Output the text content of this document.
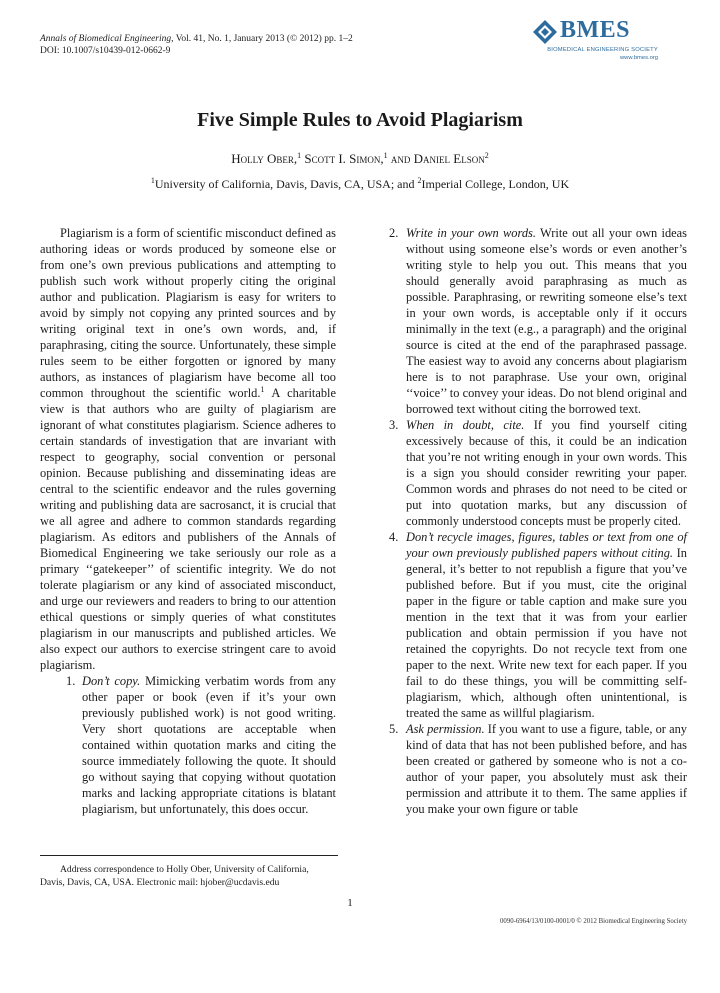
Annals of Biomedical Engineering, Vol. 41, No. 1, January 2013 (© 2012) pp. 1–2
DOI: 10.1007/s10439-012-0662-9
BMES
BIOMEDICAL ENGINEERING SOCIETY
www.bmes.org
Five Simple Rules to Avoid Plagiarism
Holly Ober,$^1$ Scott I. Simon,$^1$ and Daniel Elson$^2$
$^1$University of California, Davis, Davis, CA, USA; and $^2$Imperial College, London, UK

Plagiarism is a form of scientific misconduct defined as authoring ideas or words produced by someone else or from one’s own previous publications and attempting to publish such work without properly citing the original author and publication. Plagiarism is easy for writers to avoid by simply not copying any printed sources and by writing original text in one’s own words, and, if paraphrasing, citing the source. Unfortunately, these simple rules seem to be either forgotten or ignored by many authors, as instances of plagiarism have become all too common throughout the scientific world.$^1$ A charitable view is that authors who are guilty of plagiarism are ignorant of what constitutes plagiarism. Science adheres to certain standards of investigation that are invariant with respect to geography, social convention or personal opinion. Because publishing and disseminating ideas are central to the scientific endeavor and the rules governing writing and publishing data are sacrosanct, it is crucial that we all agree and adhere to common standards regarding plagiarism. As editors and publishers of the Annals of Biomedical Engineering we take seriously our role as a primary ‘‘gatekeeper’’ of scientific integrity. We do not tolerate plagiarism or any kind of associated misconduct, and urge our reviewers and readers to bring to our attention ethical questions or simply queries of what constitutes plagiarism in our manuscripts and published articles. We also expect our authors to exercise stringent care to avoid plagiarism.

1. Don’t copy. Mimicking verbatim words from any other paper or book (even if it’s your own previously published work) is not good writing. Very short quotations are acceptable when contained within quotation marks and citing the source immediately following the quote. It should go without saying that copying without quotation marks and lacking appropriate citations is blatant plagiarism, but unfortunately, this does occur.
2. Write in your own words. Write out all your own ideas without using someone else’s words or even another’s writing style to help you out. This means that you should generally avoid paraphrasing as much as possible. Paraphrasing, or rewriting someone else’s text in your own words, is acceptable only if it occurs minimally in the text (e.g., a paragraph) and the original source is cited at the end of the paraphrased passage. The easiest way to avoid any concerns about plagiarism here is to not paraphrase. Use your own, original ‘‘voice’’ to convey your ideas. Do not blend original and borrowed text without citing the borrowed text.
3. When in doubt, cite. If you find yourself citing excessively because of this, it could be an indication that you’re not writing enough in your own words. This is a sign you should consider rewriting your paper. Common words and phrases do not need to be cited or put into quotation marks, but any discussion of commonly understood concepts must be properly cited.
4. Don’t recycle images, figures, tables or text from one of your own previously published papers without citing. In general, it’s better to not republish a figure that you’ve published before. But if you must, cite the original paper in the figure or table caption and make sure you mention in the text that it was from your earlier publication and obtain permission if you have not retained the copyrights. Do not recycle text from one paper to the next. Write new text for each paper. If you fail to do these things, you will be committing self-plagiarism, which, although often unintentional, is treated the same as willful plagiarism.
5. Ask permission. If you want to use a figure, table, or any kind of data that has not been published before, and has been created or gathered by someone who is not a co-author of your paper, you absolutely must ask their permission and attribute it to them. The same applies if you make your own figure or table
Address correspondence to Holly Ober, University of California,
Davis, Davis, CA, USA. Electronic mail: hjober@ucdavis.edu
1
0090-6964/13/0100-0001/0 © 2012 Biomedical Engineering Society
